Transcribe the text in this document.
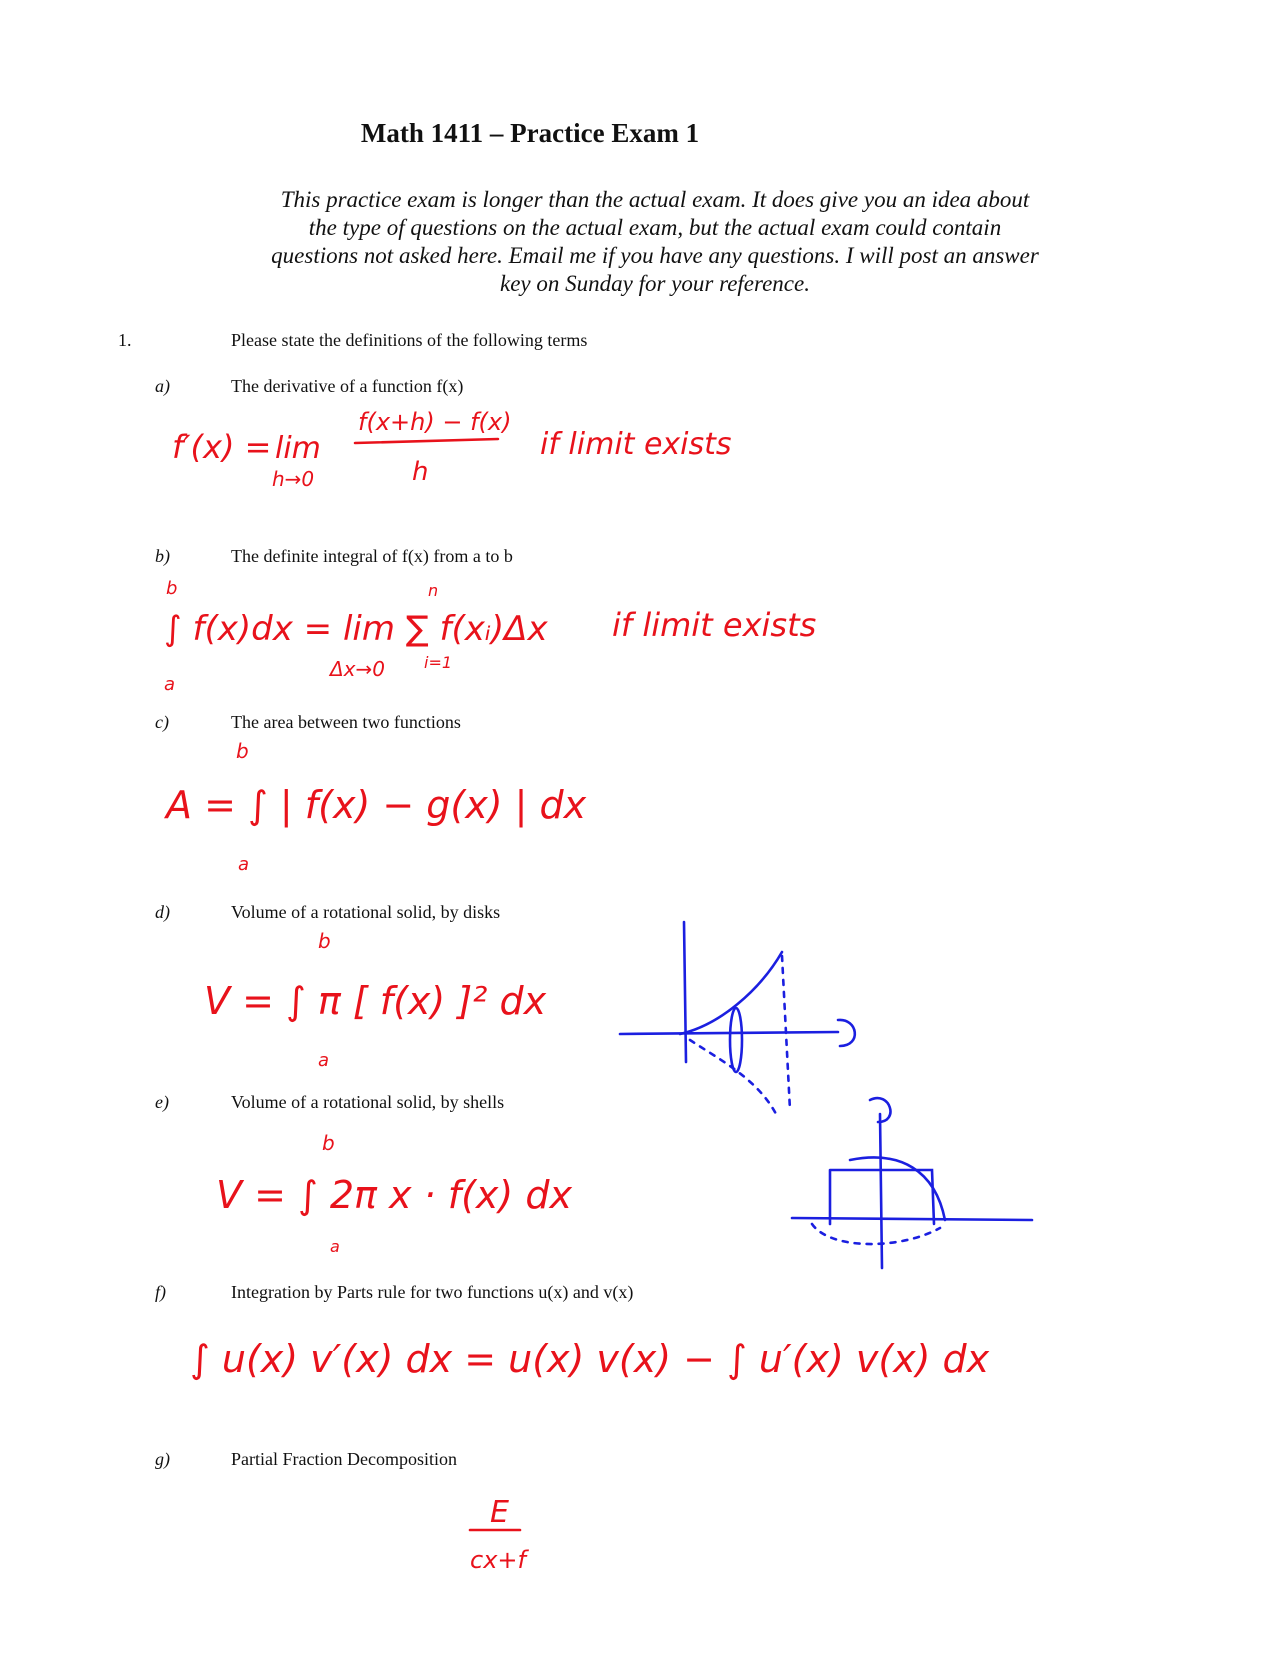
Math 1411 – Practice Exam 1
This practice exam is longer than the actual exam. It does give you an idea about the type of questions on the actual exam, but the actual exam could contain questions not asked here. Email me if you have any questions. I will post an answer key on Sunday for your reference.
1.	Please state the definitions of the following terms
a)	The derivative of a function f(x)
b)	The definite integral of f(x) from a to b
c)	The area between two functions
d)	Volume of a rotational solid, by disks
e)	Volume of a rotational solid, by shells
f)	Integration by Parts rule for two functions u(x) and v(x)
g)	Partial Fraction Decomposition
f′(x) = lim
h→0
f(x+h) − f(x)
h
if limit exists
b
∫ f(x)dx = lim ∑ f(xᵢ)Δx
a
Δx→0
n
i=1
if limit exists
b
A = ∫ | f(x) − g(x) | dx
a
b
V = ∫ π [ f(x) ]² dx
a
b
V = ∫ 2π x · f(x) dx
a
∫ u(x) v′(x) dx = u(x) v(x) − ∫ u′(x) v(x) dx
E
cx+f
